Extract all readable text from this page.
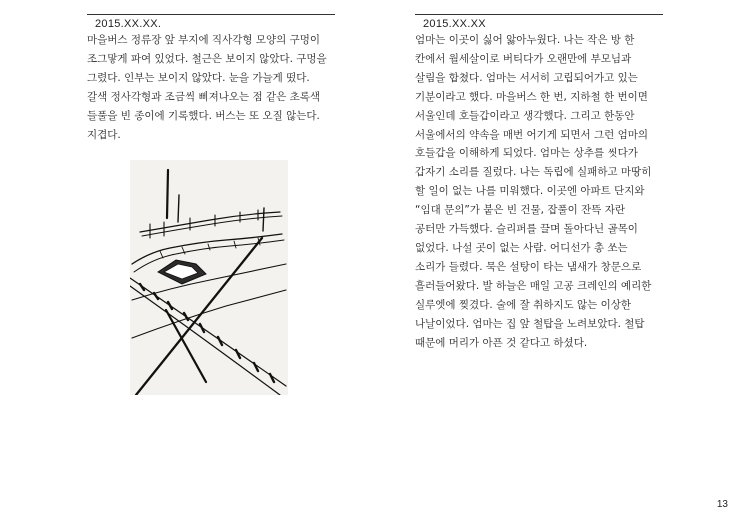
2015.XX.XX.
마을버스 정류장 앞 부지에 직사각형 모양의 구멍이
조그맣게 파여 있었다. 철근은 보이지 않았다. 구멍을
그렸다. 인부는 보이지 않았다. 눈을 가늘게 떴다.
갈색 정사각형과 조금씩 삐져나오는 점 같은 초록색
들풀을 빈 종이에 기록했다. 버스는 또 오질 않는다.
지겹다.
2015.XX.XX
엄마는 이곳이 싫어 앓아누웠다. 나는 작은 방 한
칸에서 월세살이로 버티다가 오랜만에 부모님과
살림을 합쳤다. 엄마는 서서히 고립되어가고 있는
기분이라고 했다. 마을버스 한 번, 지하철 한 번이면
서울인데 호들갑이라고 생각했다. 그리고 한동안
서울에서의 약속을 매번 어기게 되면서 그런 엄마의
호들갑을 이해하게 되었다. 엄마는 상추를 씻다가
갑자기 소리를 질렀다. 나는 독립에 실패하고 마땅히
할 일이 없는 나를 미워했다. 이곳엔 아파트 단지와
“임대 문의”가 붙은 빈 건물, 잡풀이 잔뜩 자란
공터만 가득했다. 슬리퍼를 끌며 돌아다닌 골목이
없었다. 나설 곳이 없는 사람. 어디선가 총 쏘는
소리가 들렸다. 묵은 설탕이 타는 냄새가 창문으로
흘러들어왔다. 발 하늘은 매일 고공 크레인의 예리한
실루엣에 찢겼다. 술에 잘 취하지도 않는 이상한
나날이었다. 엄마는 집 앞 철탑을 노려보았다. 철탑
때문에 머리가 아픈 것 같다고 하셨다.
13
